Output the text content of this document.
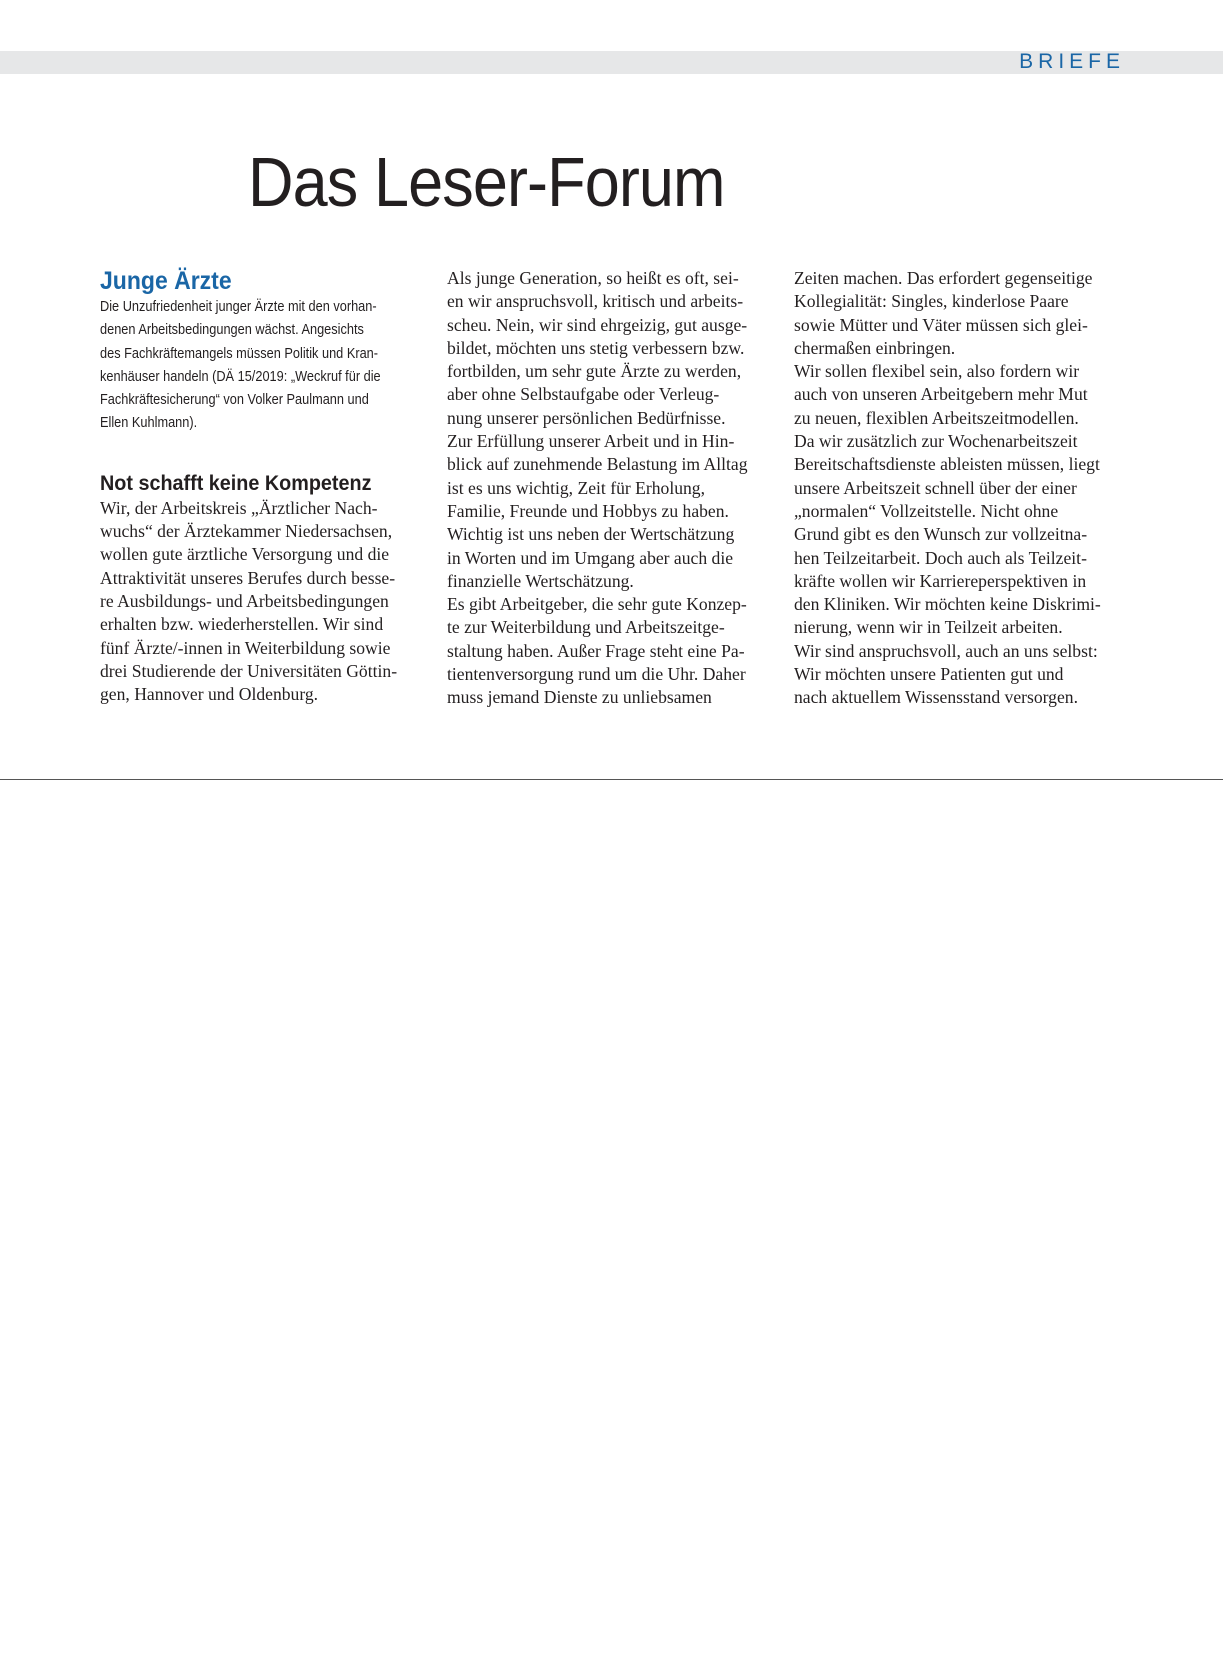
BRIEFE
Das Leser-Forum
Junge Ärzte
Die Unzufriedenheit junger Ärzte mit den vorhan-
denen Arbeitsbedingungen wächst. Angesichts
des Fachkräftemangels müssen Politik und Kran-
kenhäuser handeln (DÄ 15/2019: „Weckruf für die
Fachkräftesicherung“ von Volker Paulmann und
Ellen Kuhlmann).
Not schafft keine Kompetenz
Wir, der Arbeitskreis „Ärztlicher Nach-
wuchs“ der Ärztekammer Niedersachsen,
wollen gute ärztliche Versorgung und die
Attraktivität unseres Berufes durch besse-
re Ausbildungs- und Arbeitsbedingungen
erhalten bzw. wiederherstellen. Wir sind
fünf Ärzte/-innen in Weiterbildung sowie
drei Studierende der Universitäten Göttin-
gen, Hannover und Oldenburg.
Als junge Generation, so heißt es oft, sei-
en wir anspruchsvoll, kritisch und arbeits-
scheu. Nein, wir sind ehrgeizig, gut ausge-
bildet, möchten uns stetig verbessern bzw.
fortbilden, um sehr gute Ärzte zu werden,
aber ohne Selbstaufgabe oder Verleug-
nung unserer persönlichen Bedürfnisse.
Zur Erfüllung unserer Arbeit und in Hin-
blick auf zunehmende Belastung im Alltag
ist es uns wichtig, Zeit für Erholung,
Familie, Freunde und Hobbys zu haben.
Wichtig ist uns neben der Wertschätzung
in Worten und im Umgang aber auch die
finanzielle Wertschätzung.
Es gibt Arbeitgeber, die sehr gute Konzep-
te zur Weiterbildung und Arbeitszeitge-
staltung haben. Außer Frage steht eine Pa-
tientenversorgung rund um die Uhr. Daher
muss jemand Dienste zu unliebsamen
Zeiten machen. Das erfordert gegenseitige
Kollegialität: Singles, kinderlose Paare
sowie Mütter und Väter müssen sich glei-
chermaßen einbringen.
Wir sollen flexibel sein, also fordern wir
auch von unseren Arbeitgebern mehr Mut
zu neuen, flexiblen Arbeitszeitmodellen.
Da wir zusätzlich zur Wochenarbeitszeit
Bereitschaftsdienste ableisten müssen, liegt
unsere Arbeitszeit schnell über der einer
„normalen“ Vollzeitstelle. Nicht ohne
Grund gibt es den Wunsch zur vollzeitna-
hen Teilzeitarbeit. Doch auch als Teilzeit-
kräfte wollen wir Karriereperspektiven in
den Kliniken. Wir möchten keine Diskrimi-
nierung, wenn wir in Teilzeit arbeiten.
Wir sind anspruchsvoll, auch an uns selbst:
Wir möchten unsere Patienten gut und
nach aktuellem Wissensstand versorgen.
